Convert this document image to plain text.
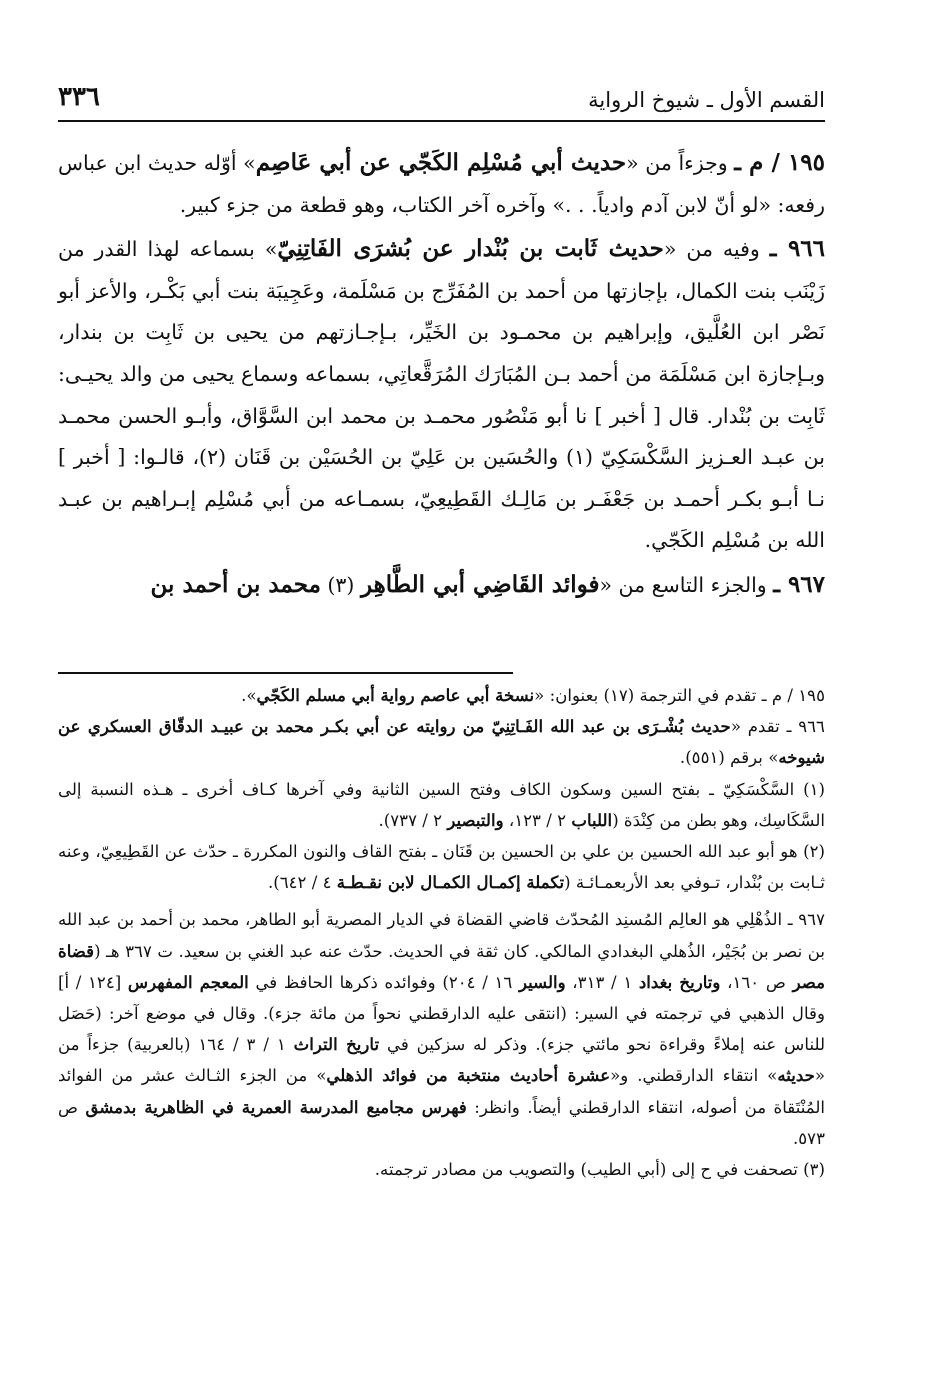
القسم الأول ـ شيوخ الرواية
٣٣٦

١٩٥ / م ـ وجزءاً من «حديث أبي مُسْلِم الكَجّي عن أبي عَاصِم» أوّله حديث ابن عباس رفعه: «لو أنّ لابن آدم وادياً. . .» وآخره آخر الكتاب، وهو قطعة من جزء كبير.

٩٦٦ ـ وفيه من «حديث ثَابت بن بُنْدار عن بُشرَى الفَاتِنِيّ» بسماعه لهذا القدر من زَيْنَب بنت الكمال، بإجازتها من أحمد بن المُفَرِّج بن مَسْلَمة، وعَجِيبَة بنت أبي بَكْـر، والأعز أبو نَصْر ابن العُلَّيق، وإبراهيم بن محمـود بن الخَيِّر، بـإجـازتهم من يحيى بن ثَابِت بن بندار، وبـإجازة ابن مَسْلَمَة من أحمد بـن المُبَارَك المُرَقَّعاتِي، بسماعه وسماع يحيى من والد يحيـى: ثَابِت بن بُنْدار. قال [ أخبر ] نا أبو مَنْصُور محمـد بن محمد ابن السَّوَّاق، وأبـو الحسن محمـد بن عبـد العـزيز السَّكْسَكِيّ (١) والحُسَين بن عَلِيّ بن الحُسَيْن بن قَنَان (٢)، قالـوا: [ أخبر ] نـا أبـو بكـر أحمـد بن جَعْفَـر بن مَالِـك القَطِيعِيّ، بسمـاعه من أبي مُسْلِم إبـراهيم بن عبـد الله بن مُسْلِم الكَجّي.

٩٦٧ ـ والجزء التاسع من «فوائد القَاضِي أبي الطَّاهِر (٣) محمد بن أحمد بن

١٩٥ / م ـ تقدم في الترجمة (١٧) بعنوان: «نسخة أبي عاصم رواية أبي مسلم الكَجّي».

٩٦٦ ـ تقدم «حديث بُشْـرَى بن عبد الله الفَـاتِنِيّ من روايته عن أبي بكـر محمد بن عبيـد الدقّاق العسكري عن شيوخه» برقم (٥٥١).

(١) السَّكْسَكِيّ ـ بفتح السين وسكون الكاف وفتح السين الثانية وفي آخرها كـاف أخرى ـ هـذه النسبة إلى السَّكَاسِك، وهو بطن من كِنْدَة (اللباب ٢ / ١٢٣، والتبصير ٢ / ٧٣٧).

(٢) هو أبو عبد الله الحسين بن علي بن الحسين بن قَنَان ـ بفتح القاف والنون المكررة ـ حدّث عن القَطِيعِيّ، وعنه ثـابت بن بُنْدار، تـوفي بعد الأربعمـائـة (تكملة إكمـال الكمـال لابن نقـطـة ٤ / ٦٤٢).

٩٦٧ ـ الذُهْلِي هو العالِم المُسنِد المُحدّث قاضي القضاة في الديار المصرية أبو الطاهر، محمد بن أحمد بن عبد الله بن نصر بن بُجَيْر، الذُهلي البغدادي المالكي. كان ثقة في الحديث. حدّث عنه عبد الغني بن سعيد. ت ٣٦٧ هـ (قضاة مصر ص ١٦٠، وتاريخ بغداد ١ / ٣١٣، والسير ١٦ / ٢٠٤) وفوائده ذكرها الحافظ في المعجم المفهرس [١٢٤ / أ] وقال الذهبي في ترجمته في السير: (انتقى عليه الدارقطني نحواً من مائة جزء). وقال في موضع آخر: (حَصَل للناس عنه إملاءً وقراءة نحو مائتي جزء). وذكر له سزكين في تاريخ التراث ١ / ٣ / ١٦٤ (بالعربية) جزءاً من «حديثه» انتقاء الدارقطني. و«عشرة أحاديث منتخبة من فوائد الذهلي» من الجزء الثـالث عشر من الفوائد المُنْتَقاة من أصوله، انتقاء الدارقطني أيضاً. وانظر: فهرس مجاميع المدرسة العمرية في الظاهرية بدمشق ص ٥٧٣.

(٣) تصحفت في ح إلى (أبي الطيب) والتصويب من مصادر ترجمته.
